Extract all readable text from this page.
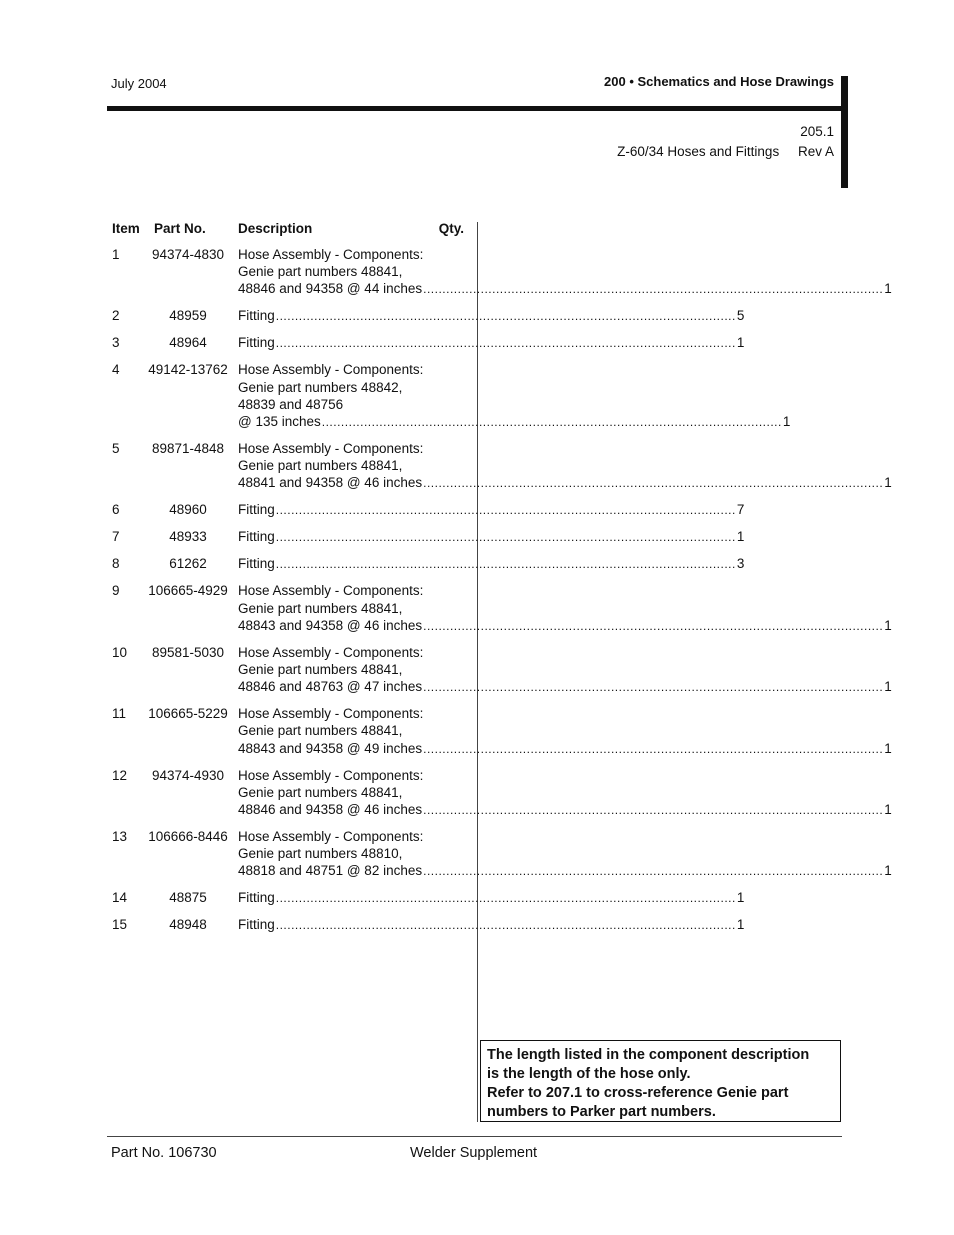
July 2004	200 • Schematics and Hose Drawings
205.1
Z-60/34 Hoses and Fittings Rev A
Item	Part No.	Description	Qty.
1	94374-4830	Hose Assembly - Components:
Genie part numbers 48841,
48846 and 94358 @ 44 inches .....	1
2	48959	Fitting .....	5
3	48964	Fitting .....	1
4	49142-13762 Hose Assembly - Components:
Genie part numbers 48842,
48839 and 48756
@ 135 inches .....	1
5	89871-4848	Hose Assembly - Components:
Genie part numbers 48841,
48841 and 94358 @ 46 inches .....	1
6	48960	Fitting .....	7
7	48933	Fitting .....	1
8	61262	Fitting .....	3
9	106665-4929 Hose Assembly - Components:
Genie part numbers 48841,
48843 and 94358 @ 46 inches .....	1
10	89581-5030	Hose Assembly - Components:
Genie part numbers 48841,
48846 and 48763 @ 47 inches .....	1
11	106665-5229 Hose Assembly - Components:
Genie part numbers 48841,
48843 and 94358 @ 49 inches .....	1
12	94374-4930	Hose Assembly - Components:
Genie part numbers 48841,
48846 and 94358 @ 46 inches .....	1
13	106666-8446 Hose Assembly - Components:
Genie part numbers 48810,
48818 and 48751 @ 82 inches .....	1
14	48875	Fitting .....	1
15	48948	Fitting .....	1
The length listed in the component description
is the length of the hose only.
Refer to 207.1 to cross-reference Genie part
numbers to Parker part numbers.
Part No. 106730	Welder Supplement
